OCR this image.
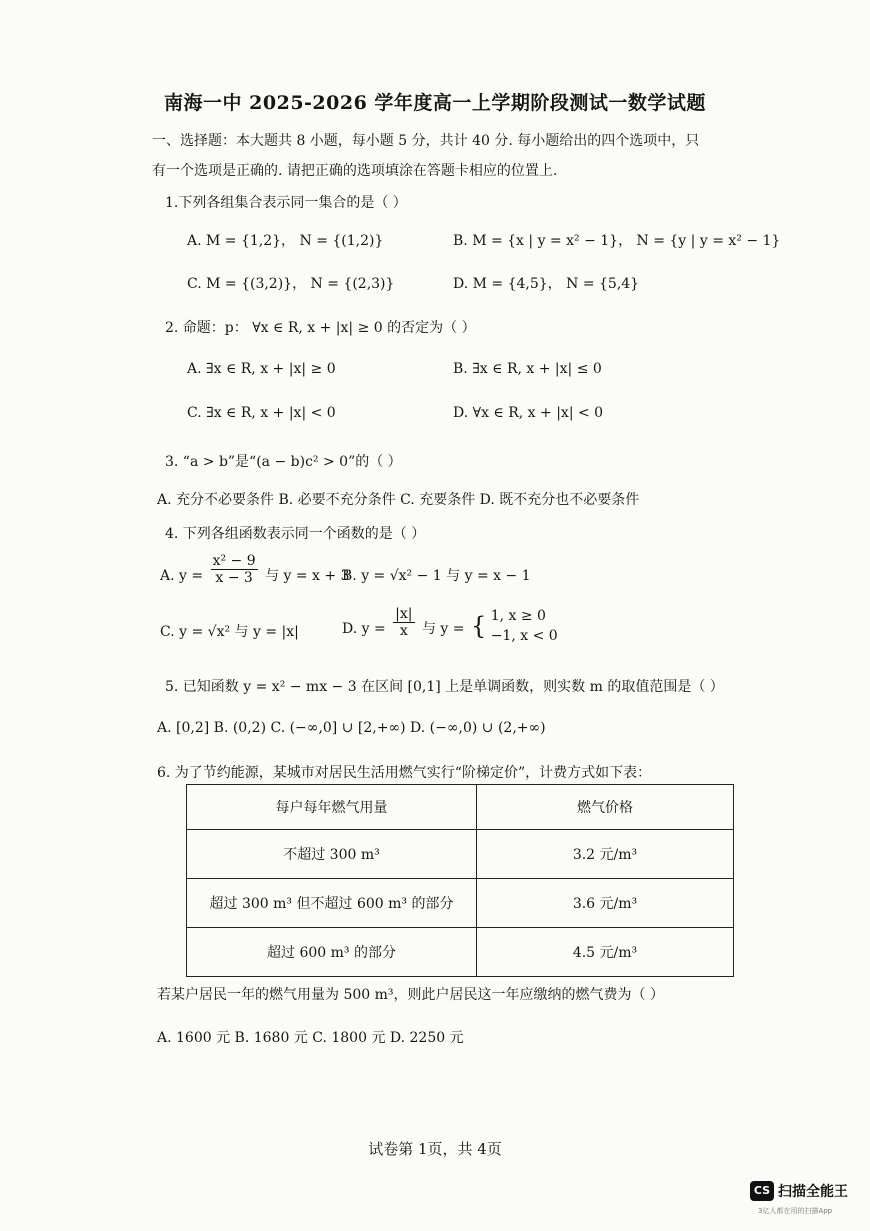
南海一中 2025-2026 学年度高一上学期阶段测试一数学试题
一、选择题：本大题共 8 小题，每小题 5 分，共计 40 分. 每小题给出的四个选项中，只
有一个选项是正确的. 请把正确的选项填涂在答题卡相应的位置上.
1.下列各组集合表示同一集合的是（ ）
A. M = {1,2}， N = {(1,2)}	B. M = {x | y = x² − 1}， N = {y | y = x² − 1}
C. M = {(3,2)}， N = {(2,3)}	D. M = {4,5}， N = {5,4}
2. 命题：p： ∀x ∈ R, x + |x| ≥ 0 的否定为（ ）
A. ∃x ∈ R, x + |x| ≥ 0	B. ∃x ∈ R, x + |x| ≤ 0
C. ∃x ∈ R, x + |x| < 0	D. ∀x ∈ R, x + |x| < 0
3. “a > b”是“(a − b)c² > 0”的（ ）
A. 充分不必要条件 B. 必要不充分条件 C. 充要条件 D. 既不充分也不必要条件
4. 下列各组函数表示同一个函数的是（ ）
A. $y = \frac{\text{x² − 9}}{x - 3}$ 与 y = x + 3
B. y = √x² − 1 与 y = x − 1
C. y = √x² 与 y = |x|	D. $y = \frac{|x|}{x}$ 与 y = { 1, x ≥ 0
−1, x < 0
5. 已知函数 y = x² − mx − 3 在区间 [0,1] 上是单调函数，则实数 m 的取值范围是（ ）
A. [0,2] B. (0,2) C. (−∞,0] ∪ [2,+∞) D. (−∞,0) ∪ (2,+∞)
6. 为了节约能源，某城市对居民生活用燃气实行“阶梯定价”，计费方式如下表：
每户每年燃气用量	燃气价格
不超过 300 m³	3.2 元/m³
超过 300 m³ 但不超过 600 m³ 的部分	3.6 元/m³
超过 600 m³ 的部分	4.5 元/m³
若某户居民一年的燃气用量为 500 m³，则此户居民这一年应缴纳的燃气费为（ ）
A. 1600 元 B. 1680 元 C. 1800 元 D. 2250 元
试卷第 1页，共 4页
CS 扫描全能王
3亿人都在用的扫描App
